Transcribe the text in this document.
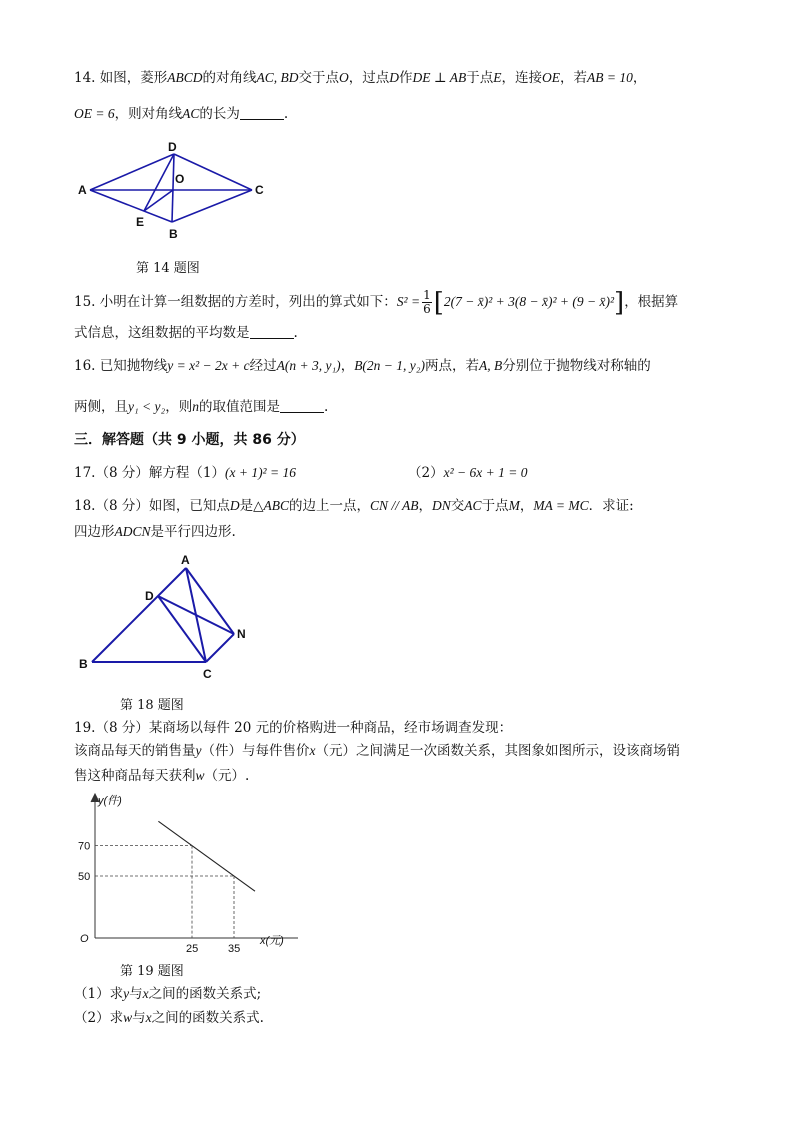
14. 如图，菱形ABCD的对角线AC, BD交于点O，过点D作DE ⊥ AB于点E，连接OE，若AB = 10，
OE = 6，则对角线AC的长为	.
A
D
O
C
E
B
第 14 题图
15. 小明在计算一组数据的方差时，列出的算式如下：$S^2 = \frac{1}{6} [2(7$ − x̄)² + 3(8 − x̄)² + (9 − x̄)²]，根据算
式信息，这组数据的平均数是	.
16. 已知抛物线y = x² − 2x + c经过A(n + 3, y₁)，B(2n − 1, y₂)两点，若A, B分别位于抛物线对称轴的
两侧，且y₁ < y₂，则n的取值范围是	.
三．解答题（共 9 小题，共 86 分）
17.（8 分）解方程（1）(x + 1)² = 16	（2）x² − 6x + 1 = 0
18.（8 分）如图，已知点D是△ABC的边上一点，CN // AB，DN交AC于点M，MA = MC．求证:
四边形ADCN是平行四边形.
A
D
N
B
C
第 18 题图
19.（8 分）某商场以每件 20 元的价格购进一种商品，经市场调查发现：
该商品每天的销售量y（件）与每件售价x（元）之间满足一次函数关系，其图象如图所示，设该商场销
售这种商品每天获利w（元）.
70
25
50
35
y(件)
x(元)
O
第 19 题图
（1）求y与x之间的函数关系式;
（2）求w与x之间的函数关系式.
